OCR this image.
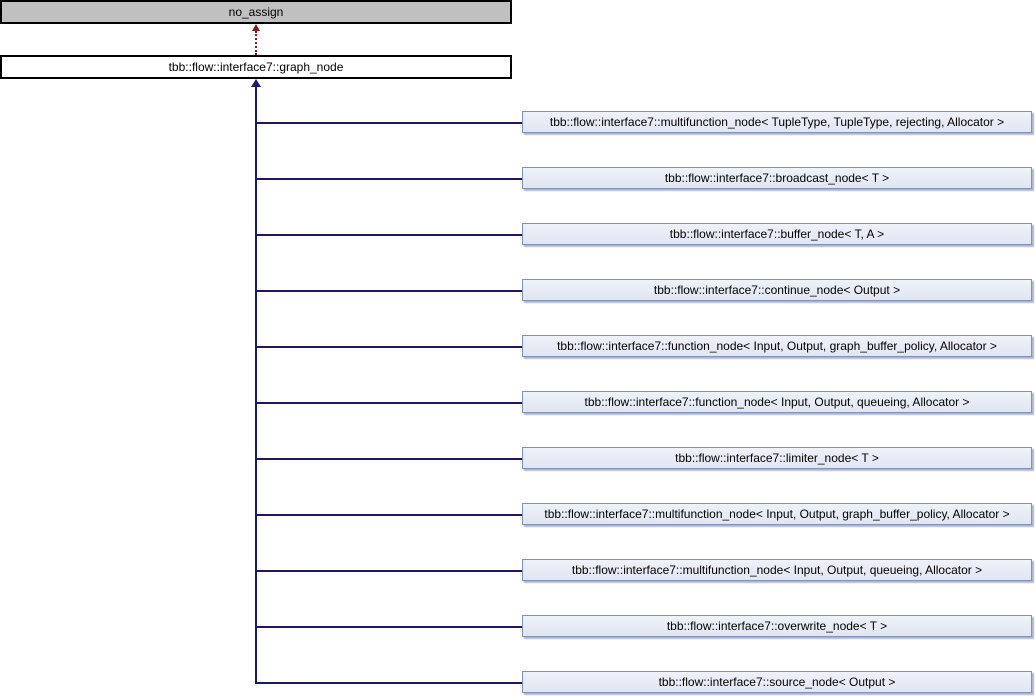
no_assign
tbb::flow::interface7::graph_node
tbb::flow::interface7::multifunction_node< TupleType, TupleType, rejecting, Allocator >
tbb::flow::interface7::broadcast_node< T >
tbb::flow::interface7::buffer_node< T, A >
tbb::flow::interface7::continue_node< Output >
tbb::flow::interface7::function_node< Input, Output, graph_buffer_policy, Allocator >
tbb::flow::interface7::function_node< Input, Output, queueing, Allocator >
tbb::flow::interface7::limiter_node< T >
tbb::flow::interface7::multifunction_node< Input, Output, graph_buffer_policy, Allocator >
tbb::flow::interface7::multifunction_node< Input, Output, queueing, Allocator >
tbb::flow::interface7::overwrite_node< T >
tbb::flow::interface7::source_node< Output >
